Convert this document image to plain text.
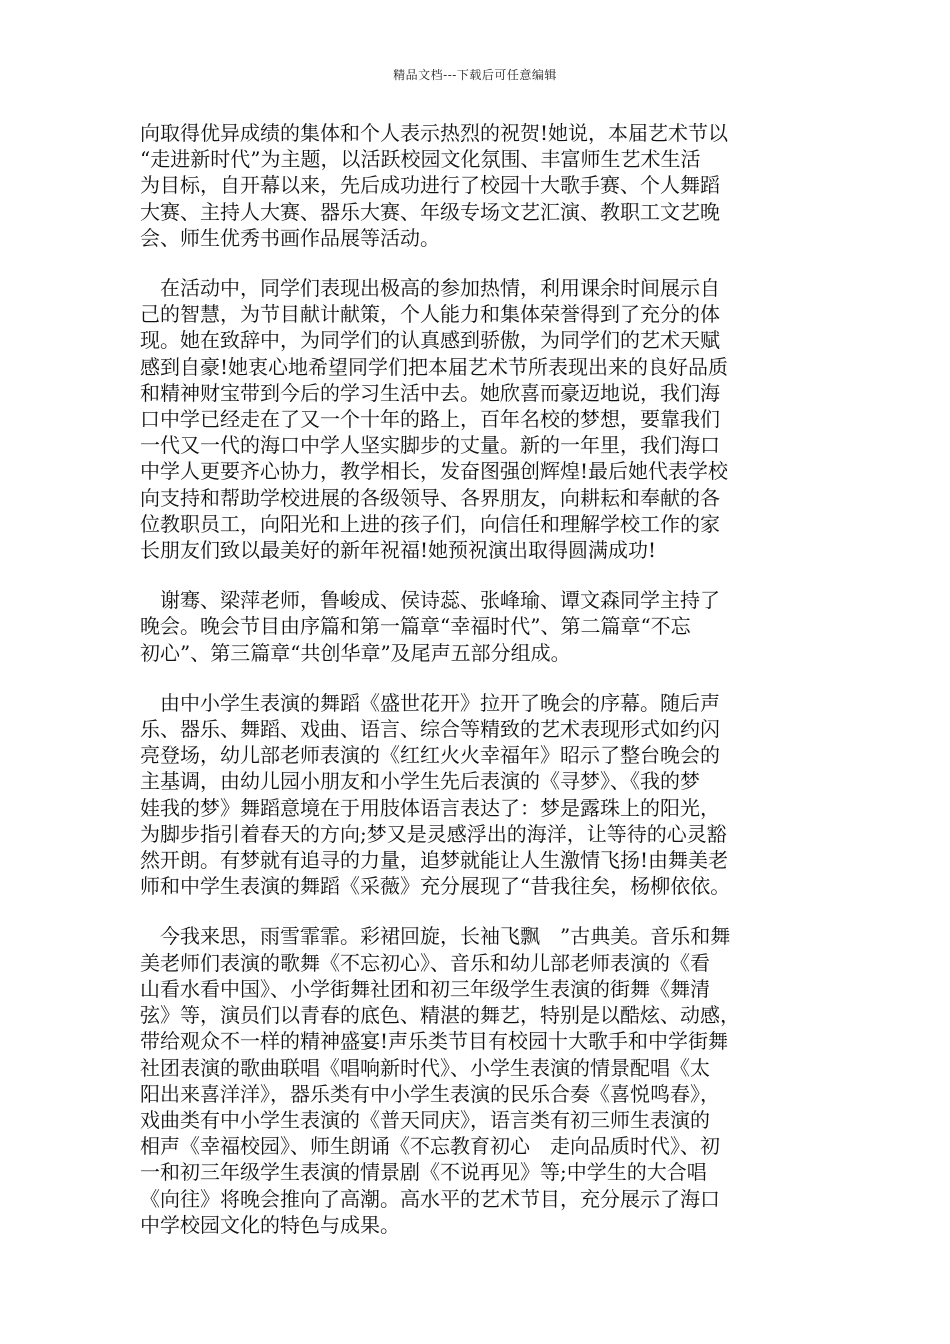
精品文档---下载后可任意编辑

向取得优异成绩的集体和个人表示热烈的祝贺!她说，本届艺术节以
“走进新时代”为主题，以活跃校园文化氛围、丰富师生艺术生活
为目标，自开幕以来，先后成功进行了校园十大歌手赛、个人舞蹈
大赛、主持人大赛、器乐大赛、年级专场文艺汇演、教职工文艺晚
会、师生优秀书画作品展等活动。

　在活动中，同学们表现出极高的参加热情，利用课余时间展示自
己的智慧，为节目献计献策，个人能力和集体荣誉得到了充分的体
现。她在致辞中，为同学们的认真感到骄傲，为同学们的艺术天赋
感到自豪!她衷心地希望同学们把本届艺术节所表现出来的良好品质
和精神财宝带到今后的学习生活中去。她欣喜而豪迈地说，我们海
口中学已经走在了又一个十年的路上，百年名校的梦想，要靠我们
一代又一代的海口中学人坚实脚步的丈量。新的一年里，我们海口
中学人更要齐心协力，教学相长，发奋图强创辉煌!最后她代表学校
向支持和帮助学校进展的各级领导、各界朋友，向耕耘和奉献的各
位教职员工，向阳光和上进的孩子们，向信任和理解学校工作的家
长朋友们致以最美好的新年祝福!她预祝演出取得圆满成功!

　谢骞、梁萍老师，鲁峻成、侯诗蕊、张峰瑜、谭文森同学主持了
晚会。晚会节目由序篇和第一篇章“幸福时代”、第二篇章“不忘
初心”、第三篇章“共创华章”及尾声五部分组成。

　由中小学生表演的舞蹈《盛世花开》拉开了晚会的序幕。随后声
乐、器乐、舞蹈、戏曲、语言、综合等精致的艺术表现形式如约闪
亮登场，幼儿部老师表演的《红红火火幸福年》昭示了整台晚会的
主基调，由幼儿园小朋友和小学生先后表演的《寻梦》、《我的梦
娃我的梦》舞蹈意境在于用肢体语言表达了：梦是露珠上的阳光，
为脚步指引着春天的方向;梦又是灵感浮出的海洋，让等待的心灵豁
然开朗。有梦就有追寻的力量，追梦就能让人生激情飞扬!由舞美老
师和中学生表演的舞蹈《采薇》充分展现了“昔我往矣，杨柳依依。

　今我来思，雨雪霏霏。彩裙回旋，长袖飞飘　”古典美。音乐和舞
美老师们表演的歌舞《不忘初心》、音乐和幼儿部老师表演的《看
山看水看中国》、小学街舞社团和初三年级学生表演的街舞《舞清
弦》等，演员们以青春的底色、精湛的舞艺，特别是以酷炫、动感，
带给观众不一样的精神盛宴!声乐类节目有校园十大歌手和中学街舞
社团表演的歌曲联唱《唱响新时代》、小学生表演的情景配唱《太
阳出来喜洋洋》，器乐类有中小学生表演的民乐合奏《喜悦鸣春》，
戏曲类有中小学生表演的《普天同庆》，语言类有初三师生表演的
相声《幸福校园》、师生朗诵《不忘教育初心　走向品质时代》、初
一和初三年级学生表演的情景剧《不说再见》等;中学生的大合唱
《向往》将晚会推向了高潮。高水平的艺术节目，充分展示了海口
中学校园文化的特色与成果。
